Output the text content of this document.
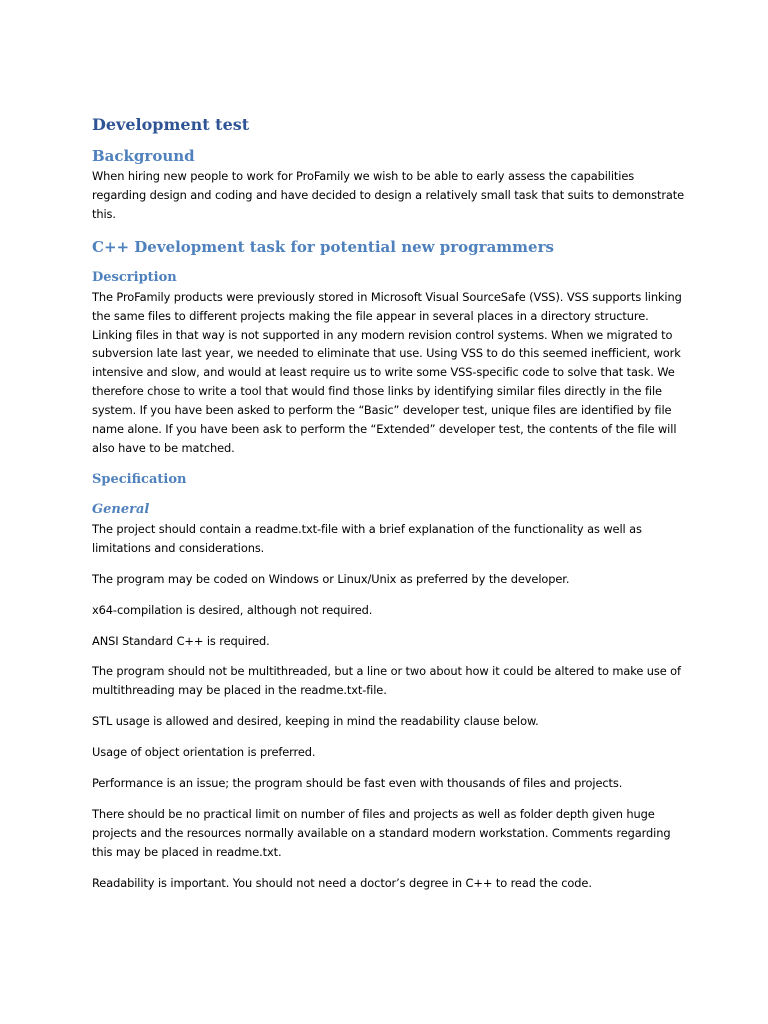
Development test
Background

When hiring new people to work for ProFamily we wish to be able to early assess the capabilities regarding design and coding and have decided to design a relatively small task that suits to demonstrate this.

C++ Development task for potential new programmers
Description

The ProFamily products were previously stored in Microsoft Visual SourceSafe (VSS). VSS supports linking the same files to different projects making the file appear in several places in a directory structure. Linking files in that way is not supported in any modern revision control systems. When we migrated to subversion late last year, we needed to eliminate that use. Using VSS to do this seemed inefficient, work intensive and slow, and would at least require us to write some VSS-specific code to solve that task. We therefore chose to write a tool that would find those links by identifying similar files directly in the file system. If you have been asked to perform the “Basic” developer test, unique files are identified by file name alone. If you have been ask to perform the “Extended” developer test, the contents of the file will also have to be matched.

Specification
General

The project should contain a readme.txt-file with a brief explanation of the functionality as well as limitations and considerations.

The program may be coded on Windows or Linux/Unix as preferred by the developer.

x64-compilation is desired, although not required.

ANSI Standard C++ is required.

The program should not be multithreaded, but a line or two about how it could be altered to make use of multithreading may be placed in the readme.txt-file.

STL usage is allowed and desired, keeping in mind the readability clause below.

Usage of object orientation is preferred.

Performance is an issue; the program should be fast even with thousands of files and projects.

There should be no practical limit on number of files and projects as well as folder depth given huge projects and the resources normally available on a standard modern workstation. Comments regarding this may be placed in readme.txt.

Readability is important. You should not need a doctor’s degree in C++ to read the code.
